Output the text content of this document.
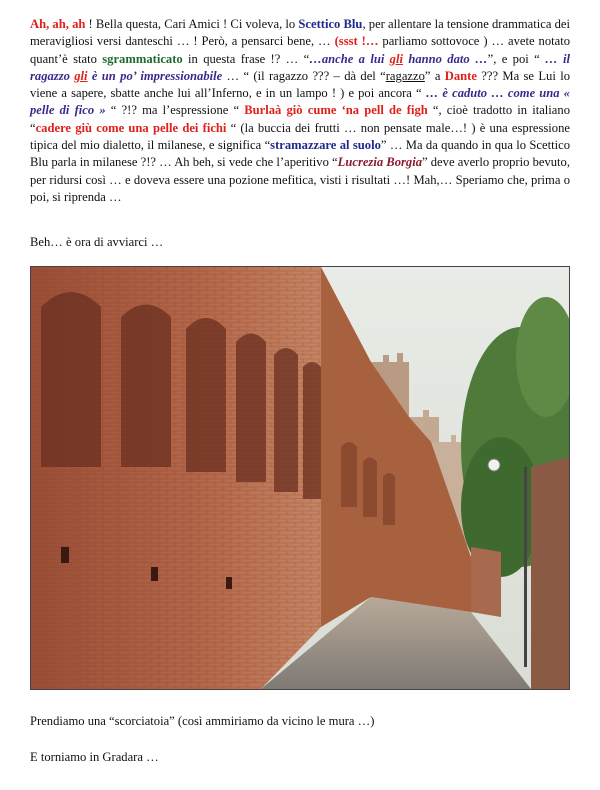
Ah, ah, ah ! Bella questa, Cari Amici ! Ci voleva, lo Scettico Blu, per allentare la tensione drammatica dei meravigliosi versi danteschi … ! Però, a pensarci bene, … (ssst !… parliamo sottovoce ) … avete notato quant’è stato sgrammaticato in questa frase !? … “…anche a lui gli hanno dato …”, e poi “ … il ragazzo gli è un po’ impressionabile … “ (il ragazzo ??? – dà del “ragazzo” a Dante ??? Ma se Lui lo viene a sapere, sbatte anche lui all’Inferno, e in un lampo ! ) e poi ancora “ … è caduto … come una « pelle di fico » “ ?!? ma l’espressione “ Burlaà giò cume ‘na pell de figh “, cioè tradotto in italiano “cadere giù come una pelle dei fichi “ (la buccia dei frutti … non pensate male…! ) è una espressione tipica del mio dialetto, il milanese, e significa “stramazzare al suolo” … Ma da quando in qua lo Scettico Blu parla in milanese ?!? … Ah beh, si vede che l’aperitivo “Lucrezia Borgia” deve averlo proprio bevuto, per ridursi così … e doveva essere una pozione mefitica, visti i risultati …! Mah,… Speriamo che, prima o poi, si riprenda …
Beh… è ora di avviarci …
Prendiamo una “scorciatoia” (così ammiriamo da vicino le mura …)
E torniamo in Gradara …
